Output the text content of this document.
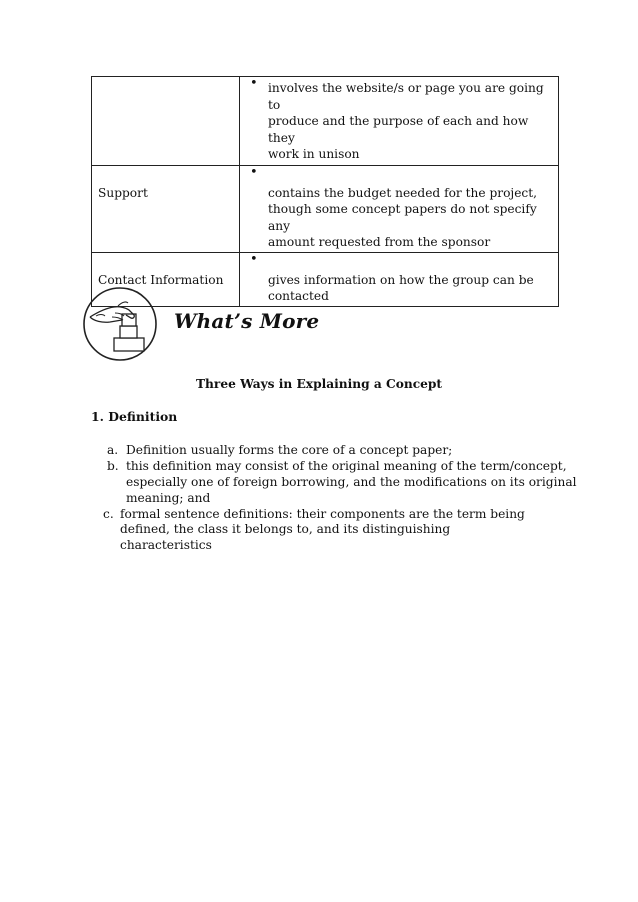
	• involves the website/s or page you are going to
produce and the purpose of each and how they
work in unison

Support	•
contains the budget needed for the project,
though some concept papers do not specify any
amount requested from the sponsor

Contact Information	•
gives information on how the group can be
contacted
What’s More
Three Ways in Explaining a Concept
1. Definition
a. Definition usually forms the core of a concept paper;
b. this definition may consist of the original meaning of the term/concept,
especially one of foreign borrowing, and the modifications on its original
meaning; and
c. formal sentence definitions: their components are the term being
defined, the class it belongs to, and its distinguishing
characteristics
